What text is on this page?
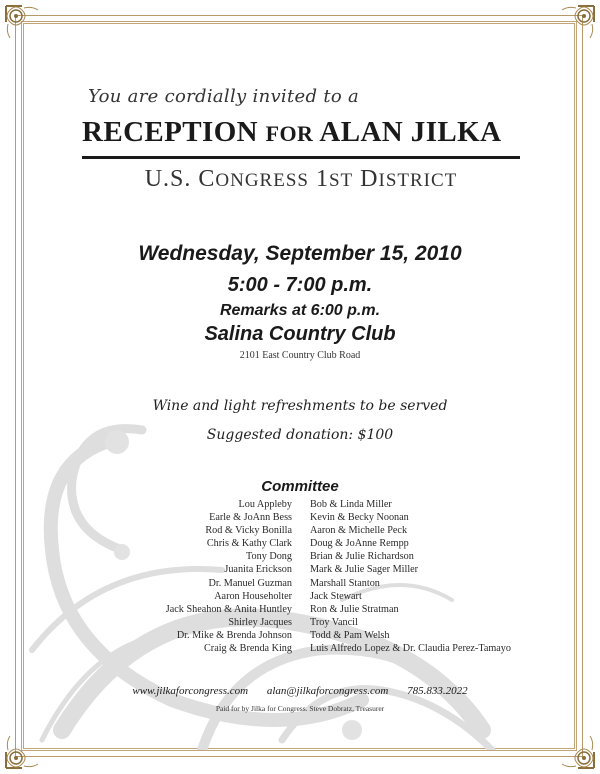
You are cordially invited to a
RECEPTION FOR ALAN JILKA
U.S. CONGRESS 1ST DISTRICT
Wednesday, September 15, 2010
5:00 - 7:00 p.m.
Remarks at 6:00 p.m.
Salina Country Club
2101 East Country Club Road
Wine and light refreshments to be served
Suggested donation: $100
Committee
Lou Appleby
Earle & JoAnn Bess
Rod & Vicky Bonilla
Chris & Kathy Clark
Tony Dong
Juanita Erickson
Dr. Manuel Guzman
Aaron Householter
Jack Sheahon & Anita Huntley
Shirley Jacques
Dr. Mike & Brenda Johnson
Craig & Brenda King
Bob & Linda Miller
Kevin & Becky Noonan
Aaron & Michelle Peck
Doug & JoAnne Rempp
Brian & Julie Richardson
Mark & Julie Sager Miller
Marshall Stanton
Jack Stewart
Ron & Julie Stratman
Troy Vancil
Todd & Pam Welsh
Luis Alfredo Lopez & Dr. Claudia Perez-Tamayo
www.jilkaforcongress.com alan@jilkaforcongress.com 785.833.2022
Paid for by Jilka for Congress. Steve Dobratz, Treasurer
